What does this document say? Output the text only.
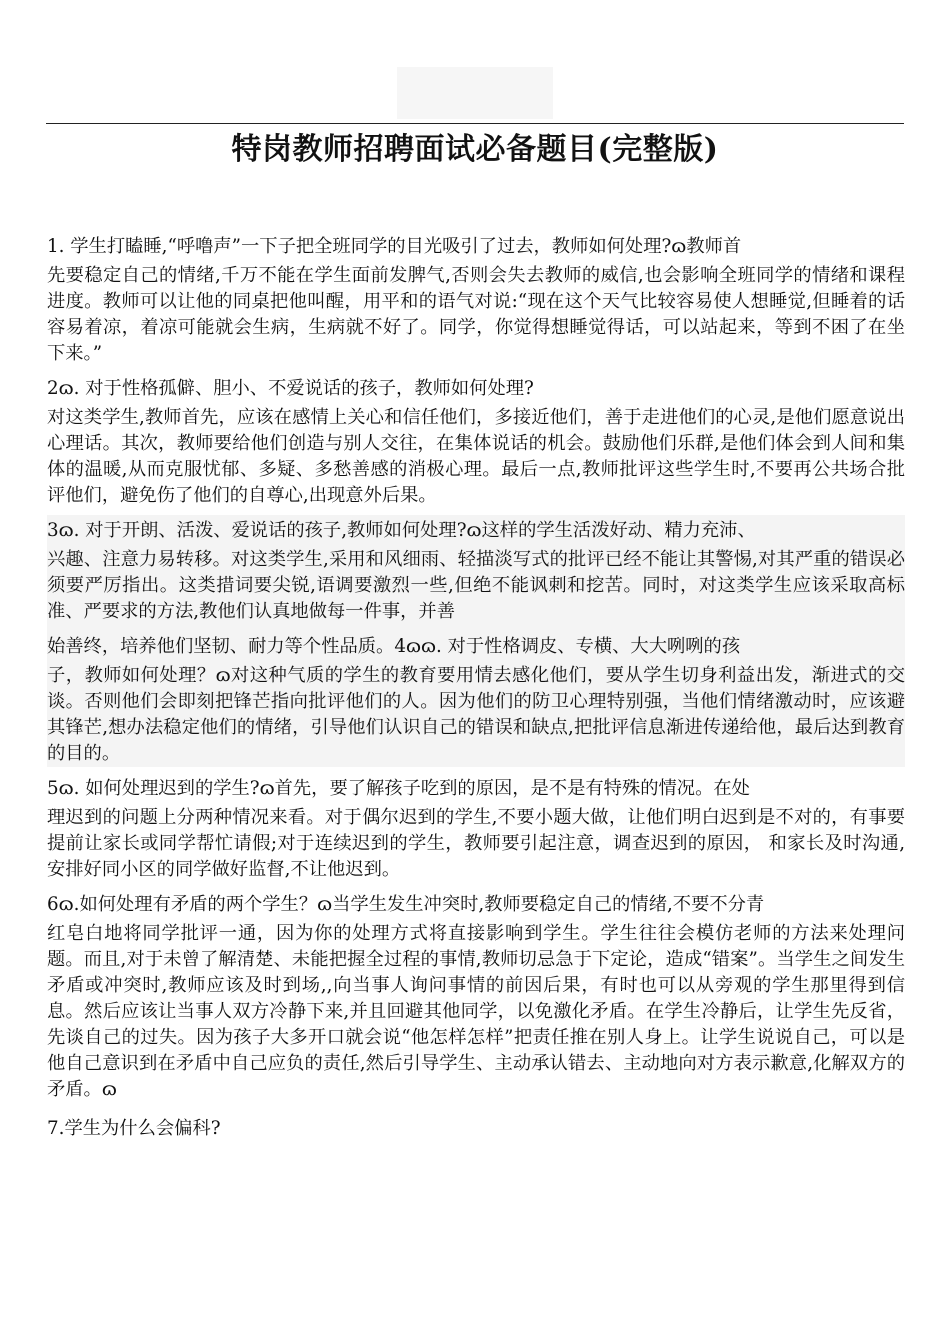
特岗教师招聘面试必备题目(完整版)

1. 学生打瞌睡,“呼噜声”一下子把全班同学的目光吸引了过去，教师如何处理?ɷ教师首

先要稳定自己的情绪,千万不能在学生面前发脾气,否则会失去教师的威信,也会影响全班同学的情绪和课程进度。教师可以让他的同桌把他叫醒，用平和的语气对说:“现在这个天气比较容易使人想睡觉,但睡着的话容易着凉，着凉可能就会生病，生病就不好了。同学，你觉得想睡觉得话，可以站起来，等到不困了在坐下来。”

2ɷ. 对于性格孤僻、胆小、不爱说话的孩子，教师如何处理?

对这类学生,教师首先，应该在感情上关心和信任他们，多接近他们，善于走进他们的心灵,是他们愿意说出心理话。其次，教师要给他们创造与别人交往，在集体说话的机会。鼓励他们乐群,是他们体会到人间和集体的温暖,从而克服忧郁、多疑、多愁善感的消极心理。最后一点,教师批评这些学生时,不要再公共场合批评他们，避免伤了他们的自尊心,出现意外后果。

3ɷ. 对于开朗、活泼、爱说话的孩子,教师如何处理?ɷ这样的学生活泼好动、精力充沛、

兴趣、注意力易转移。对这类学生,采用和风细雨、轻描淡写式的批评已经不能让其警惕,对其严重的错误必须要严厉指出。这类措词要尖锐,语调要激烈一些,但绝不能讽刺和挖苦。同时，对这类学生应该采取高标准、严要求的方法,教他们认真地做每一件事，并善

始善终，培养他们坚韧、耐力等个性品质。4ɷɷ. 对于性格调皮、专横、大大咧咧的孩

子，教师如何处理？ɷ对这种气质的学生的教育要用情去感化他们，要从学生切身利益出发，渐进式的交谈。否则他们会即刻把锋芒指向批评他们的人。因为他们的防卫心理特别强，当他们情绪激动时，应该避其锋芒,想办法稳定他们的情绪，引导他们认识自己的错误和缺点,把批评信息渐进传递给他，最后达到教育的目的。

5ɷ. 如何处理迟到的学生?ɷ首先，要了解孩子吃到的原因，是不是有特殊的情况。在处

理迟到的问题上分两种情况来看。对于偶尔迟到的学生,不要小题大做，让他们明白迟到是不对的，有事要提前让家长或同学帮忙请假;对于连续迟到的学生，教师要引起注意，调查迟到的原因， 和家长及时沟通,安排好同小区的同学做好监督,不让他迟到。

6ɷ.如何处理有矛盾的两个学生？ɷ当学生发生冲突时,教师要稳定自己的情绪,不要不分青

红皂白地将同学批评一通，因为你的处理方式将直接影响到学生。学生往往会模仿老师的方法来处理问题。而且,对于未曾了解清楚、未能把握全过程的事情,教师切忌急于下定论，造成“错案”。当学生之间发生矛盾或冲突时,教师应该及时到场,,向当事人询问事情的前因后果，有时也可以从旁观的学生那里得到信息。然后应该让当事人双方冷静下来,并且回避其他同学，以免激化矛盾。在学生冷静后，让学生先反省，先谈自己的过失。因为孩子大多开口就会说“他怎样怎样”把责任推在别人身上。让学生说说自己，可以是他自己意识到在矛盾中自己应负的责任,然后引导学生、主动承认错去、主动地向对方表示歉意,化解双方的矛盾。ɷ

7.学生为什么会偏科?
